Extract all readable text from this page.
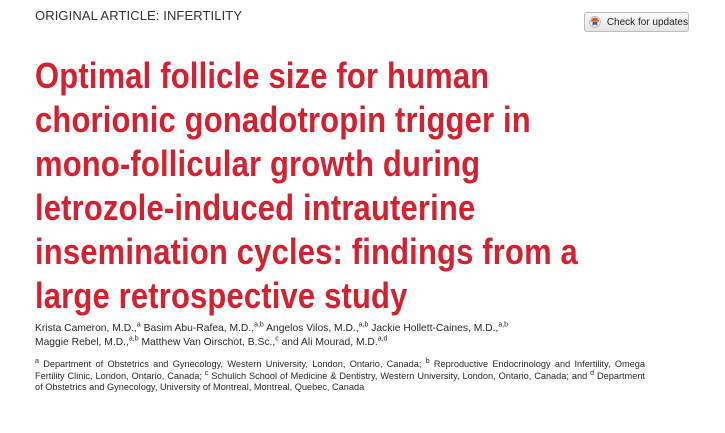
ORIGINAL ARTICLE: INFERTILITY	Check for updates
Optimal follicle size for human
chorionic gonadotropin trigger in
mono-follicular growth during
letrozole-induced intrauterine
insemination cycles: findings from a
large retrospective study
Krista Cameron, M.D.,$^a$ Basim Abu-Rafea, M.D.,$^{a,b}$ Angelos Vilos, M.D.,$^{a,b}$ Jackie Hollett-Caines, M.D.,$^{a,b}$
Maggie Rebel, M.D.,$^{a,b}$ Matthew Van Oirschot, B.Sc.,$^c$ and Ali Mourad, M.D.$^{a,d}$
$^a$ Department of Obstetrics and Gynecology, Western University, London, Ontario, Canada; $^b$ Reproductive Endocrinology and Infertility, Omega Fertility Clinic, London, Ontario, Canada; $^c$ Schulich School of Medicine & Dentistry, Western University, London, Ontario, Canada; and $^d$ Department of Obstetrics and Gynecology, University of Montreal, Montreal, Quebec, Canada
